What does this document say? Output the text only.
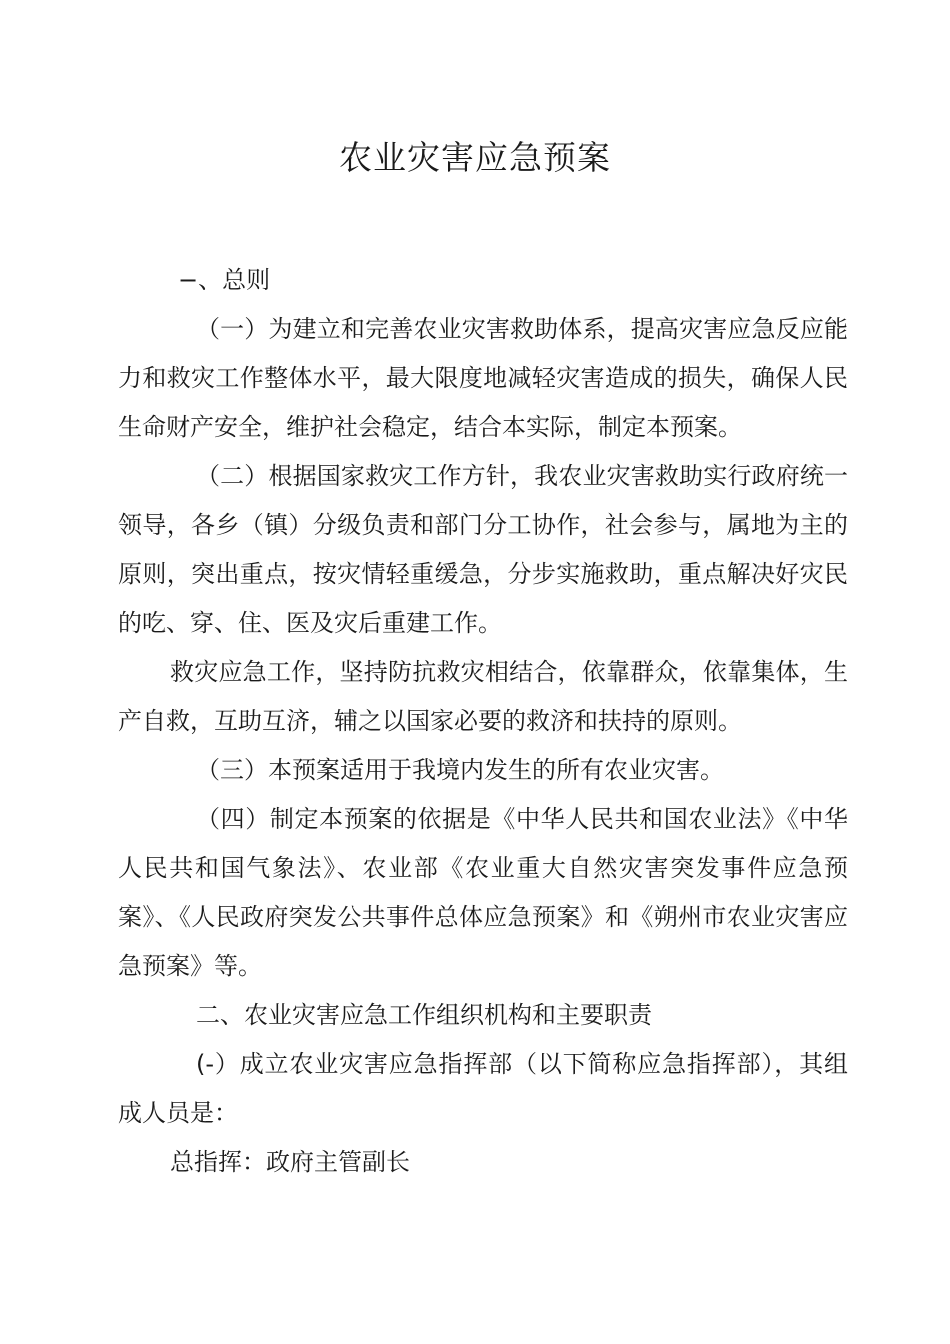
农业灾害应急预案
−、总则

（一）为建立和完善农业灾害救助体系，提高灾害应急反应能力和救灾工作整体水平，最大限度地减轻灾害造成的损失，确保人民生命财产安全，维护社会稳定，结合本实际，制定本预案。

（二）根据国家救灾工作方针，我农业灾害救助实行政府统一领导，各乡（镇）分级负责和部门分工协作，社会参与，属地为主的原则，突出重点，按灾情轻重缓急，分步实施救助，重点解决好灾民的吃、穿、住、医及灾后重建工作。

救灾应急工作，坚持防抗救灾相结合，依靠群众，依靠集体，生产自救，互助互济，辅之以国家必要的救济和扶持的原则。

（三）本预案适用于我境内发生的所有农业灾害。

（四）制定本预案的依据是《中华人民共和国农业法》《中华人民共和国气象法》、农业部《农业重大自然灾害突发事件应急预案》、《人民政府突发公共事件总体应急预案》和《朔州市农业灾害应急预案》等。

二、农业灾害应急工作组织机构和主要职责

(-）成立农业灾害应急指挥部（以下简称应急指挥部），其组成人员是：

总指挥：政府主管副长
